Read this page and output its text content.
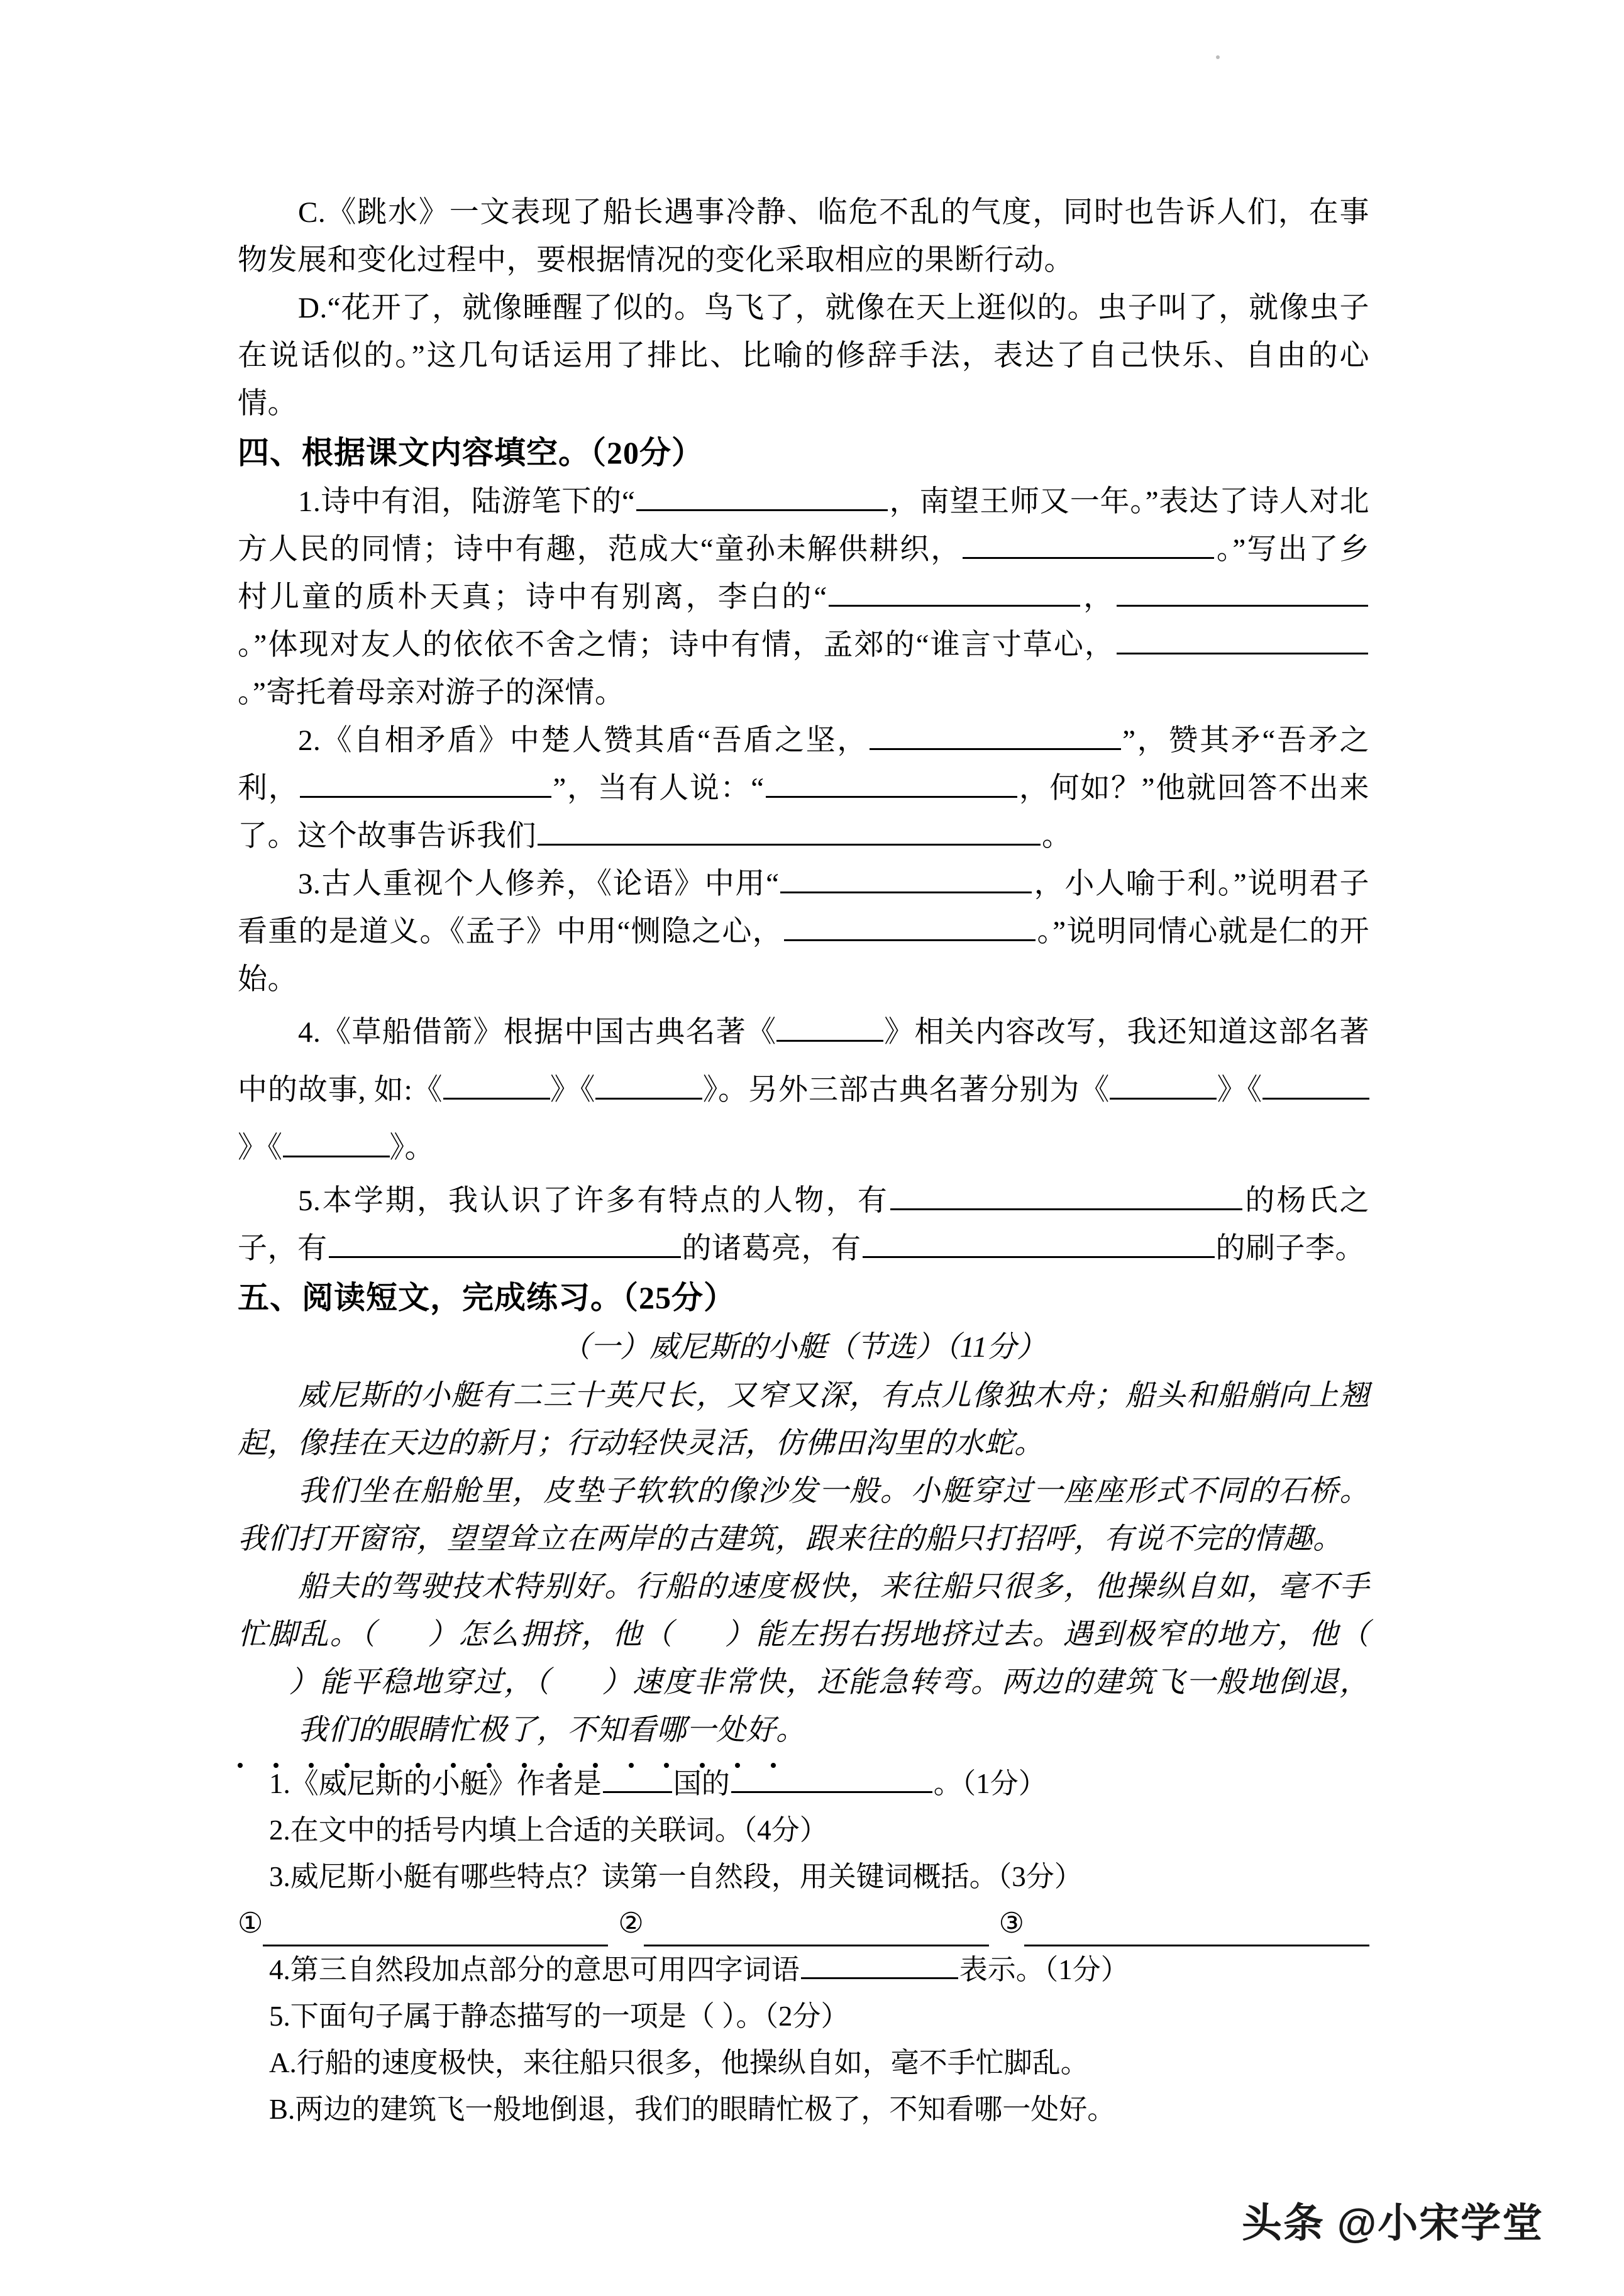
C.《跳水》一文表现了船长遇事冷静、临危不乱的气度，同时也告诉人们，在事物发展和变化过程中，要根据情况的变化采取相应的果断行动。

D.“花开了，就像睡醒了似的。鸟飞了，就像在天上逛似的。虫子叫了，就像虫子在说话似的。”这几句话运用了排比、比喻的修辞手法，表达了自己快乐、自由的心情。

四、根据课文内容填空。（20分）

1.诗中有泪，陆游笔下的“	，南望王师又一年。”表达了诗人对北方人民的同情；诗中有趣，范成大“童孙未解供耕织，	。”写出了乡村儿童的质朴天真；诗中有别离，李白的“	，。”体现对友人的依依不舍之情；诗中有情，孟郊的“谁言寸草心，。”寄托着母亲对游子的深情。

2.《自相矛盾》中楚人赞其盾“吾盾之坚，	”，赞其矛“吾矛之利，	”，当有人说：“	，何如？”他就回答不出来了。这个故事告诉我们	。

3.古人重视个人修养，《论语》中用“	，小人喻于利。”说明君子看重的是道义。《孟子》中用“恻隐之心，	。”说明同情心就是仁的开始。

4.《草船借箭》根据中国古典名著《	》相关内容改写，我还知道这部名著中的故事, 如:《	》《	》。另外三部古典名著分别为《	》《》《	》。

5.本学期，我认识了许多有特点的人物，有	的杨氏之子，有	的诸葛亮，有	的刷子李。

五、阅读短文，完成练习。（25分）

（一）威尼斯的小艇（节选）（11分）

威尼斯的小艇有二三十英尺长，又窄又深，有点儿像独木舟；船头和船艄向上翘起，像挂在天边的新月；行动轻快灵活，仿佛田沟里的水蛇。

我们坐在船舱里，皮垫子软软的像沙发一般。小艇穿过一座座形式不同的石桥。我们打开窗帘，望望耸立在两岸的古建筑，跟来往的船只打招呼，有说不完的情趣。

船夫的驾驶技术特别好。行船的速度极快，来往船只很多，他操纵自如，毫不手忙脚乱。（ ）怎么拥挤，他（ ）能左拐右拐地挤过去。遇到极窄的地方，他（）能平稳地穿过，（ ）速度非常快，还能急转弯。两边的建筑飞一般地倒退，我们的眼睛忙极了，不知看哪一处好
。

1.《威尼斯的小艇》作者是	国的	。（1分）

2.在文中的括号内填上合适的关联词。（4分）

3.威尼斯小艇有哪些特点？读第一自然段，用关键词概括。（3分）

①	②	③

4.第三自然段加点部分的意思可用四字词语	表示。（1分）

5.下面句子属于静态描写的一项是（ ）。（2分）

A.行船的速度极快，来往船只很多，他操纵自如，毫不手忙脚乱。

B.两边的建筑飞一般地倒退，我们的眼睛忙极了，不知看哪一处好。

头条 @小宋学堂
